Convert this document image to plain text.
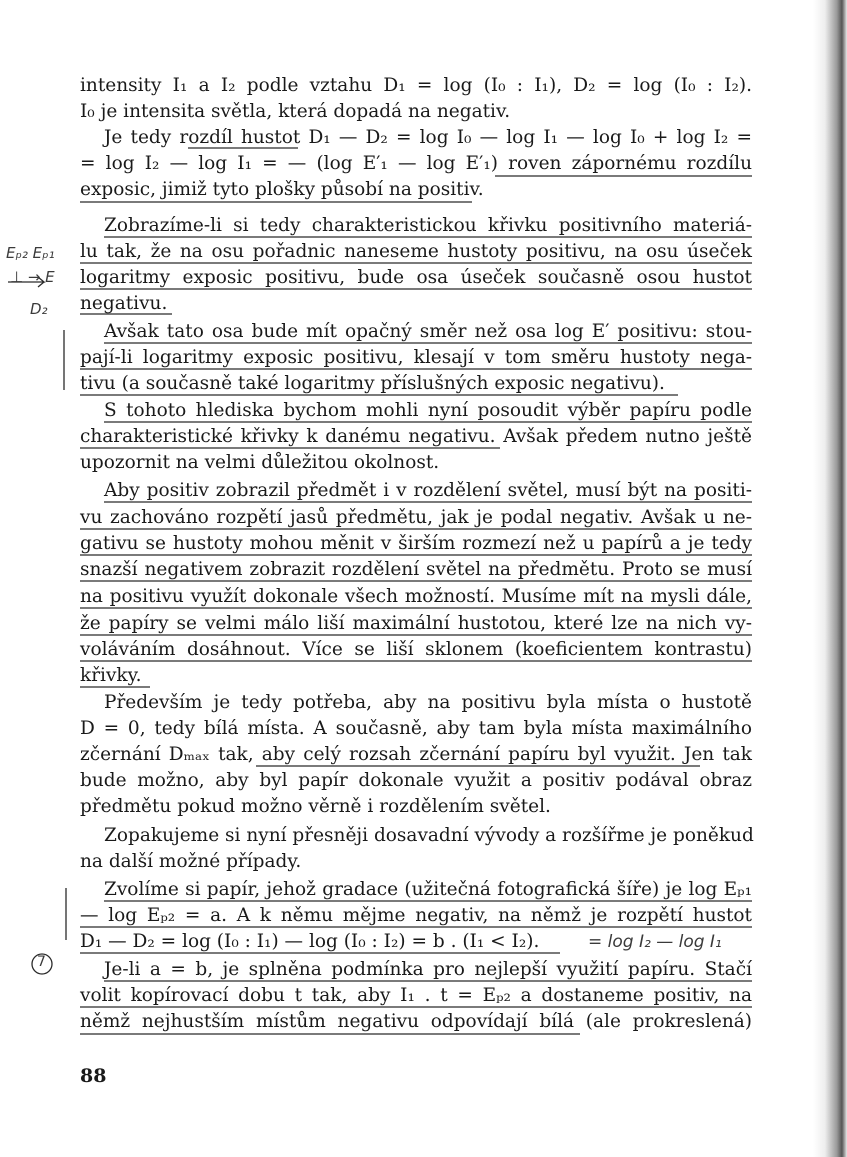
intensity I₁ a I₂ podle vztahu D₁ = log (I₀ : I₁), D₂ = log (I₀ : I₂).
I₀ je intensita světla, která dopadá na negativ.
Je tedy rozdíl hustot D₁ — D₂ = log I₀ — log I₁ — log I₀ + log I₂ =
= log I₂ — log I₁ = — (log E′₁ — log E′₁) roven zápornému rozdílu
exposic, jimiž tyto plošky působí na positiv.
Zobrazíme-li si tedy charakteristickou křivku positivního materiá-
lu tak, že na osu pořadnic naneseme hustoty positivu, na osu úseček
logaritmy exposic positivu, bude osa úseček současně osou hustot
negativu.
Avšak tato osa bude mít opačný směr než osa log E′ positivu: stou-
pají-li logaritmy exposic positivu, klesají v tom směru hustoty nega-
tivu (a současně také logaritmy příslušných exposic negativu).
S tohoto hlediska bychom mohli nyní posoudit výběr papíru podle
charakteristické křivky k danému negativu. Avšak předem nutno ještě
upozornit na velmi důležitou okolnost.
Aby positiv zobrazil předmět i v rozdělení světel, musí být na positi-
vu zachováno rozpětí jasů předmětu, jak je podal negativ. Avšak u ne-
gativu se hustoty mohou měnit v širším rozmezí než u papírů a je tedy
snazší negativem zobrazit rozdělení světel na předmětu. Proto se musí
na positivu využít dokonale všech možností. Musíme mít na mysli dále,
že papíry se velmi málo liší maximální hustotou, které lze na nich vy-
voláváním dosáhnout. Více se liší sklonem (koeficientem kontrastu)
křivky.
Především je tedy potřeba, aby na positivu byla místa o hustotě
D = 0, tedy bílá místa. A současně, aby tam byla místa maximálního
zčernání Dₘₐₓ tak, aby celý rozsah zčernání papíru byl využit. Jen tak
bude možno, aby byl papír dokonale využit a positiv podával obraz
předmětu pokud možno věrně i rozdělením světel.
Zopakujeme si nyní přesněji dosavadní vývody a rozšířme je poněkud
na další možné případy.
Zvolíme si papír, jehož gradace (užitečná fotografická šíře) je log Eₚ₁
— log Eₚ₂ = a. A k němu mějme negativ, na němž je rozpětí hustot
D₁ — D₂ = log (I₀ : I₁) — log (I₀ : I₂) = b . (I₁ < I₂).
Je-li a = b, je splněna podmínka pro nejlepší využití papíru. Stačí
volit kopírovací dobu t tak, aby I₁ . t = Eₚ₂ a dostaneme positiv, na
němž nejhustším místům negativu odpovídají bílá (ale prokreslená)
88
Eₚ₂ Eₚ₁
⊥ → E
D₂
7
= log I₂ — log I₁
